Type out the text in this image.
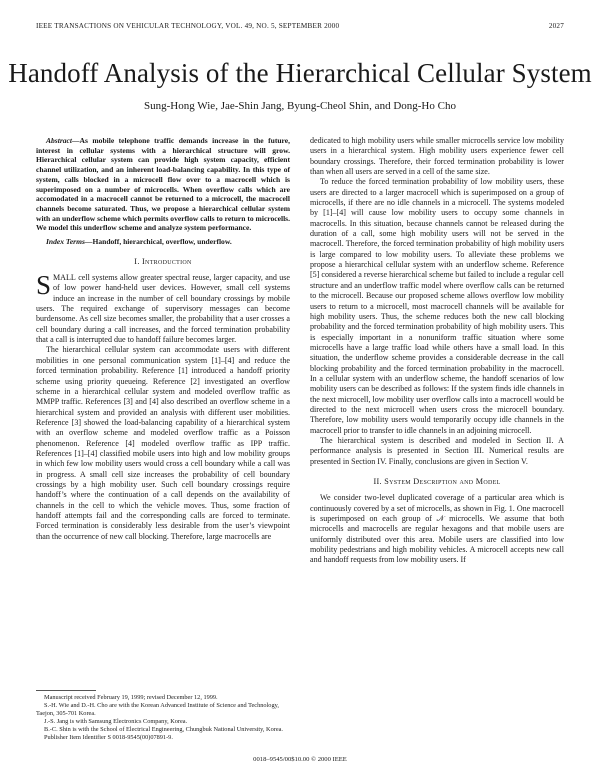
IEEE TRANSACTIONS ON VEHICULAR TECHNOLOGY, VOL. 49, NO. 5, SEPTEMBER 2000	2027
Handoff Analysis of the Hierarchical Cellular System
Sung-Hong Wie, Jae-Shin Jang, Byung-Cheol Shin, and Dong-Ho Cho

Abstract—As mobile telephone traffic demands increase in the future, interest in cellular systems with a hierarchical structure will grow. Hierarchical cellular system can provide high system capacity, efficient channel utilization, and an inherent load-balancing capability. In this type of system, calls blocked in a microcell flow over to a macrocell which is superimposed on a number of microcells. When overflow calls which are accomodated in a macrocell cannot be returned to a microcell, the macrocell channels become saturated. Thus, we propose a hierarchical cellular system with an underflow scheme which permits overflow calls to return to microcells. We model this underflow scheme and analyze system performance.

Index Terms—Handoff, hierarchical, overflow, underflow.

I. Introduction

SMALL cell systems allow greater spectral reuse, larger capacity, and use of low power hand-held user devices. However, small cell systems induce an increase in the number of cell boundary crossings by mobile users. The required exchange of supervisory messages can become burdensome. As cell size becomes smaller, the probability that a user crosses a cell boundary during a call increases, and the forced termination probability that a call is interrupted due to handoff failure becomes larger.

The hierarchical cellular system can accommodate users with different mobilities in one personal communication system [1]–[4] and reduce the forced termination probability. Reference [1] introduced a handoff priority scheme using priority queueing. Reference [2] investigated an overflow scheme in a hierarchical cellular system and modeled overflow traffic as MMPP traffic. References [3] and [4] also described an overflow scheme in a hierarchical system and provided an analysis with different user mobilities. Reference [3] showed the load-balancing capability of a hierarchical system with an overflow scheme and modeled overflow traffic as a Poisson phenomenon. Reference [4] modeled overflow traffic as IPP traffic. References [1]–[4] classified mobile users into high and low mobility groups in which few low mobility users would cross a cell boundary while a call was in progress. A small cell size increases the probability of cell boundary crossings by a high mobility user. Such cell boundary crossings require handoff’s where the continuation of a call depends on the availability of channels in the cell to which the vehicle moves. Thus, some fraction of handoff attempts fail and the corresponding calls are forced to terminate. Forced termination is considerably less desirable from the user’s viewpoint than the occurrence of new call blocking. Therefore, large macrocells are

dedicated to high mobility users while smaller microcells service low mobility users in a hierarchical system. High mobility users experience fewer cell boundary crossings. Therefore, their forced termination probability is lower than when all users are served in a cell of the same size.

To reduce the forced termination probability of low mobility users, these users are directed to a larger macrocell which is superimposed on a group of microcells, if there are no idle channels in a microcell. The systems modeled by [1]–[4] will cause low mobility users to occupy some channels in macrocells. In this situation, because channels cannot be released during the duration of a call, some high mobility users will not be served in the macrocell. Therefore, the forced termination probability of high mobility users is large compared to low mobility users. To alleviate these problems we propose a hierarchical cellular system with an underflow scheme. Reference [5] considered a reverse hierarchical scheme but failed to include a regular cell structure and an underflow traffic model where overflow calls can be returned to the microcell. Because our proposed scheme allows overflow low mobility users to return to a microcell, most macrocell channels will be available for high mobility users. Thus, the scheme reduces both the new call blocking probability and the forced termination probability of high mobility users. This is especially important in a nonuniform traffic situation where some microcells have a large traffic load while others have a small load. In this situation, the underflow scheme provides a considerable decrease in the call blocking probability and the forced termination probability in the macrocell. In a cellular system with an underflow scheme, the handoff scenarios of low mobility users can be described as follows: If the system finds idle channels in the next microcell, low mobility user overflow calls into a macrocell would be directed to the next microcell when users cross the microcell boundary. Therefore, low mobility users would temporarily occupy idle channels in the macrocell prior to transfer to idle channels in an adjoining microcell.

The hierarchical system is described and modeled in Section II. A performance analysis is presented in Section III. Numerical results are presented in Section IV. Finally, conclusions are given in Section V.

II. System Description and Model

We consider two-level duplicated coverage of a particular area which is continuously covered by a set of microcells, as shown in Fig. 1. One macrocell is superimposed on each group of 𝒩 microcells. We assume that both microcells and macrocells are regular hexagons and that mobile users are uniformly distributed over this area. Mobile users are classified into low mobility pedestrians and high mobility vehicles. A microcell accepts new call and handoff requests from low mobility users. If

Manuscript received February 19, 1999; revised December 12, 1999.

S.-H. Wie and D.-H. Cho are with the Korean Advanced Institute of Science and Technology, Taejon, 305-701 Korea.

J.-S. Jang is with Samsung Electronics Company, Korea.

B.-C. Shin is with the School of Electrical Engineering, Chungbuk National University, Korea.

Publisher Item Identifier S 0018-9545(00)07891-9.

0018–9545/00$10.00 © 2000 IEEE
